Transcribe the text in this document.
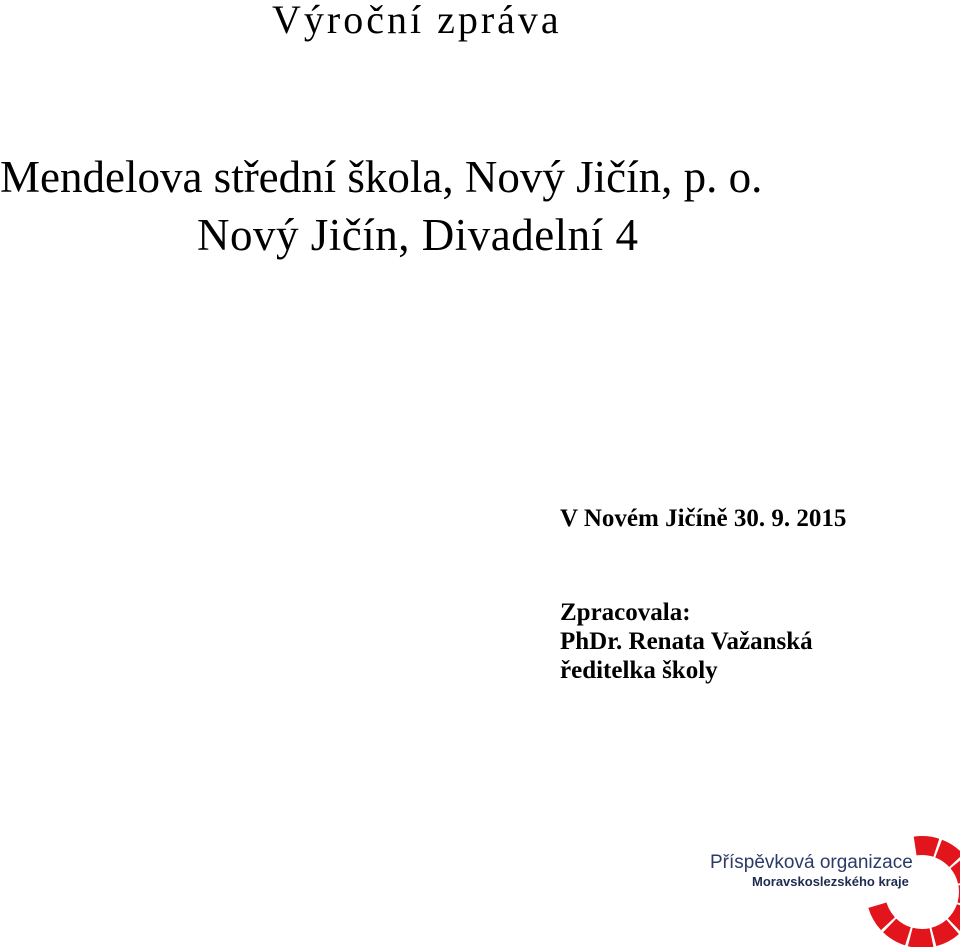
Výroční zpráva
Mendelova střední škola, Nový Jičín, p. o.
Nový Jičín, Divadelní 4
V Novém Jičíně 30. 9. 2015
Zpracovala:
PhDr. Renata Važanská
ředitelka školy
Příspěvková organizace
Moravskoslezského kraje
